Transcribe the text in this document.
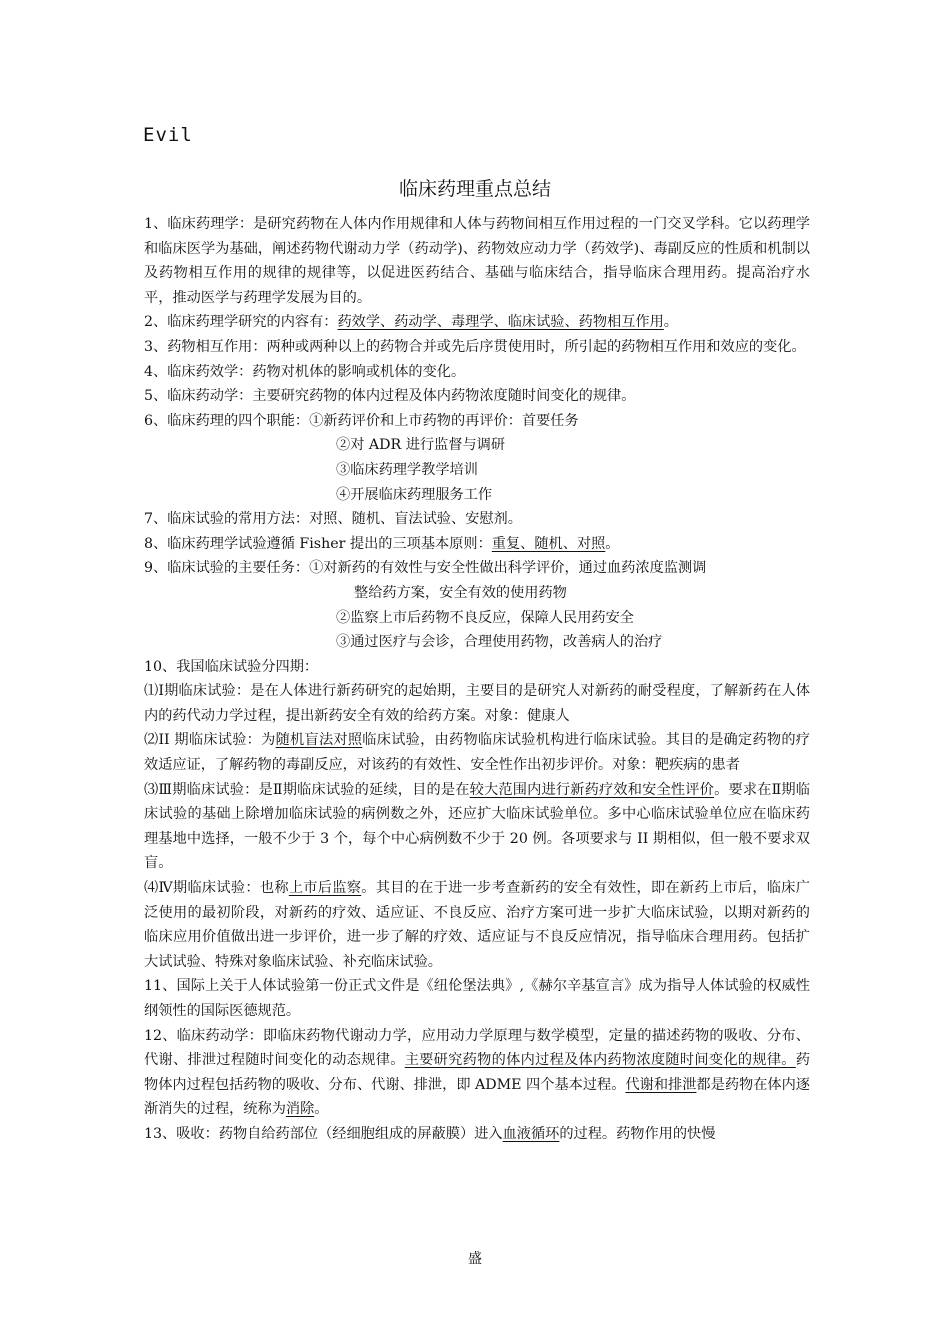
Evil
临床药理重点总结

1、临床药理学：是研究药物在人体内作用规律和人体与药物间相互作用过程的一门交叉学科。它以药理学和临床医学为基础，阐述药物代谢动力学（药动学)、药物效应动力学（药效学)、毒副反应的性质和机制以及药物相互作用的规律的规律等，以促进医药结合、基础与临床结合，指导临床合理用药。提高治疗水平，推动医学与药理学发展为目的。

2、临床药理学研究的内容有：药效学、药动学、毒理学、临床试验、药物相互作用。

3、药物相互作用：两种或两种以上的药物合并或先后序贯使用时，所引起的药物相互作用和效应的变化。

4、临床药效学：药物对机体的影响或机体的变化。

5、临床药动学：主要研究药物的体内过程及体内药物浓度随时间变化的规律。

6、临床药理的四个职能：①新药评价和上市药物的再评价：首要任务

②对 ADR 进行监督与调研

③临床药理学教学培训

④开展临床药理服务工作

7、临床试验的常用方法：对照、随机、盲法试验、安慰剂。

8、临床药理学试验遵循 Fisher 提出的三项基本原则：重复、随机、对照。

9、临床试验的主要任务：①对新药的有效性与安全性做出科学评价，通过血药浓度监测调

整给药方案，安全有效的使用药物

②监察上市后药物不良反应，保障人民用药安全

③通过医疗与会诊，合理使用药物，改善病人的治疗

10、我国临床试验分四期：

⑴Ⅰ期临床试验：是在人体进行新药研究的起始期，主要目的是研究人对新药的耐受程度，了解新药在人体内的药代动力学过程，提出新药安全有效的给药方案。对象：健康人

⑵II 期临床试验：为随机盲法对照临床试验，由药物临床试验机构进行临床试验。其目的是确定药物的疗效适应证，了解药物的毒副反应，对该药的有效性、安全性作出初步评价。对象：靶疾病的患者

⑶Ⅲ期临床试验：是Ⅱ期临床试验的延续，目的是在较大范围内进行新药疗效和安全性评价。要求在Ⅱ期临床试验的基础上除增加临床试验的病例数之外，还应扩大临床试验单位。多中心临床试验单位应在临床药理基地中选择，一般不少于 3 个，每个中心病例数不少于 20 例。各项要求与 II 期相似，但一般不要求双盲。

⑷Ⅳ期临床试验：也称上市后监察。其目的在于进一步考查新药的安全有效性，即在新药上市后，临床广泛使用的最初阶段，对新药的疗效、适应证、不良反应、治疗方案可进一步扩大临床试验，以期对新药的临床应用价值做出进一步评价，进一步了解的疗效、适应证与不良反应情况，指导临床合理用药。包括扩大试试验、特殊对象临床试验、补充临床试验。

11、国际上关于人体试验第一份正式文件是《纽伦堡法典》,《赫尔辛基宣言》成为指导人体试验的权威性纲领性的国际医德规范。

12、临床药动学：即临床药物代谢动力学，应用动力学原理与数学模型，定量的描述药物的吸收、分布、代谢、排泄过程随时间变化的动态规律。主要研究药物的体内过程及体内药物浓度随时间变化的规律。药物体内过程包括药物的吸收、分布、代谢、排泄，即 ADME 四个基本过程。代谢和排泄都是药物在体内逐渐消失的过程，统称为消除。

13、吸收：药物自给药部位（经细胞组成的屏蔽膜）进入血液循环的过程。药物作用的快慢

盛
